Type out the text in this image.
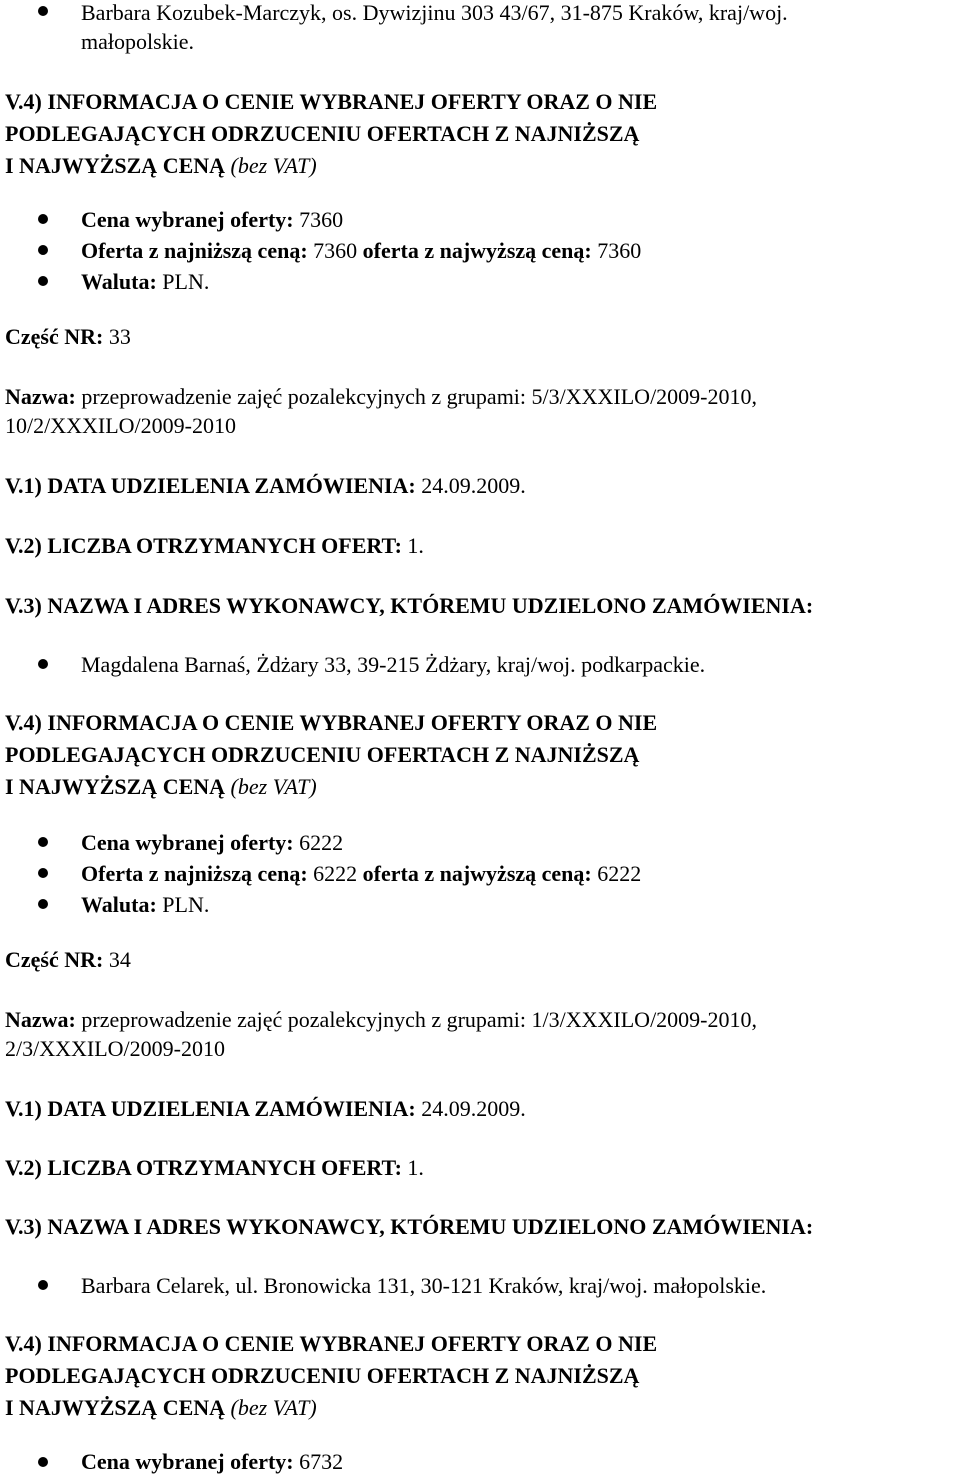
Barbara Kozubek-Marczyk, os. Dywizjinu 303 43/67, 31-875 Kraków, kraj/woj.
małopolskie.
V.4) INFORMACJA O CENIE WYBRANEJ OFERTY ORAZ O NIE
PODLEGAJĄCYCH ODRZUCENIU OFERTACH Z NAJNIŻSZĄ
I NAJWYŻSZĄ CENĄ (bez VAT)
Cena wybranej oferty: 7360
Oferta z najniższą ceną: 7360 oferta z najwyższą ceną: 7360
Waluta: PLN.
Część NR: 33
Nazwa: przeprowadzenie zajęć pozalekcyjnych z grupami: 5/3/XXXILO/2009-2010,
10/2/XXXILO/2009-2010
V.1) DATA UDZIELENIA ZAMÓWIENIA: 24.09.2009.
V.2) LICZBA OTRZYMANYCH OFERT: 1.
V.3) NAZWA I ADRES WYKONAWCY, KTÓREMU UDZIELONO ZAMÓWIENIA:
Magdalena Barnaś, Żdżary 33, 39-215 Żdżary, kraj/woj. podkarpackie.
V.4) INFORMACJA O CENIE WYBRANEJ OFERTY ORAZ O NIE
PODLEGAJĄCYCH ODRZUCENIU OFERTACH Z NAJNIŻSZĄ
I NAJWYŻSZĄ CENĄ (bez VAT)
Cena wybranej oferty: 6222
Oferta z najniższą ceną: 6222 oferta z najwyższą ceną: 6222
Waluta: PLN.
Część NR: 34
Nazwa: przeprowadzenie zajęć pozalekcyjnych z grupami: 1/3/XXXILO/2009-2010,
2/3/XXXILO/2009-2010
V.1) DATA UDZIELENIA ZAMÓWIENIA: 24.09.2009.
V.2) LICZBA OTRZYMANYCH OFERT: 1.
V.3) NAZWA I ADRES WYKONAWCY, KTÓREMU UDZIELONO ZAMÓWIENIA:
Barbara Celarek, ul. Bronowicka 131, 30-121 Kraków, kraj/woj. małopolskie.
V.4) INFORMACJA O CENIE WYBRANEJ OFERTY ORAZ O NIE
PODLEGAJĄCYCH ODRZUCENIU OFERTACH Z NAJNIŻSZĄ
I NAJWYŻSZĄ CENĄ (bez VAT)
Cena wybranej oferty: 6732
